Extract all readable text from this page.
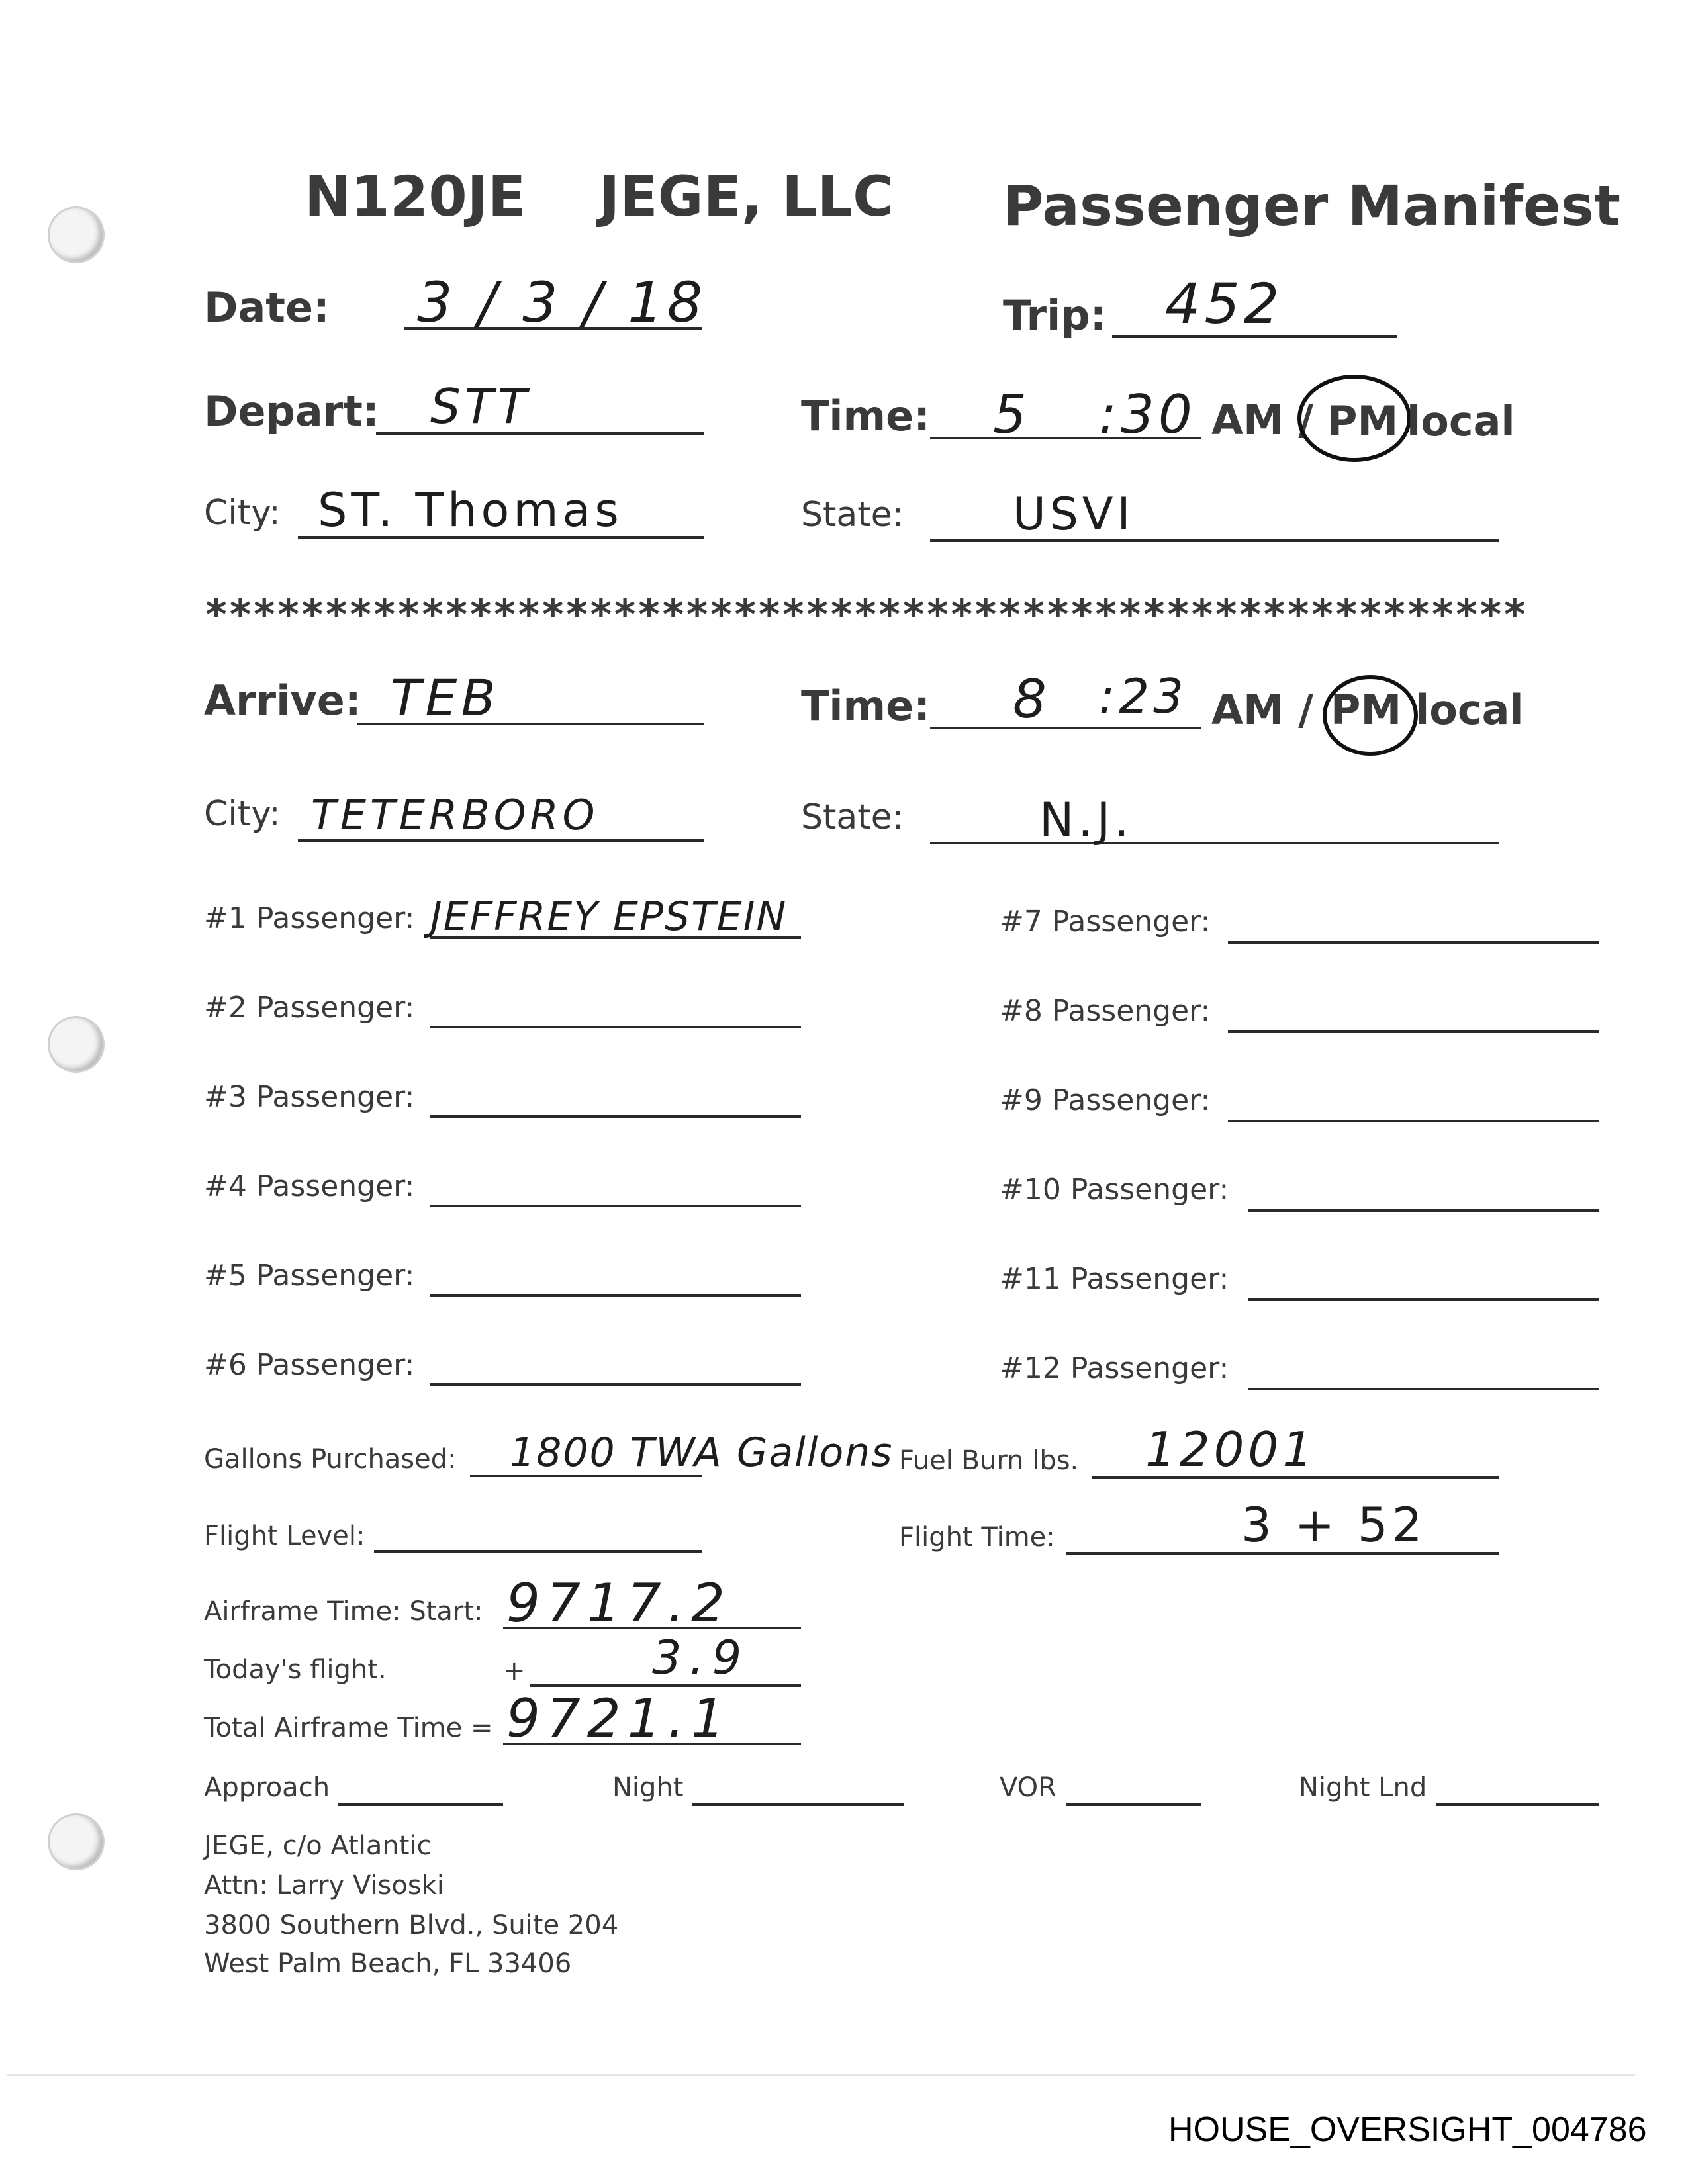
N120JE JEGE, LLC Passenger Manifest
Date: 3 / 3 / 18	Trip: 452
Depart: STT	Time: 5 :30 AM / PM local
City: ST. Thomas	State: USVI
*******************************************************
Arrive: TEB	Time: 8 :23 AM / PM local
City: TETERBORO	State:	N.J.
#1 Passenger: JEFFREY EPSTEIN
#2 Passenger:
#3 Passenger:
#4 Passenger:
#5 Passenger:
#6 Passenger:
#7 Passenger:
#8 Passenger:
#9 Passenger:
#10 Passenger:
#11 Passenger:
#12 Passenger:
Gallons Purchased: 1800 TWA Gallons Fuel Burn lbs. 12001
Flight Level:	Flight Time:	3 + 52
Airframe Time: Start: 9717.2
Today's flight.	+	3.9
Total Airframe Time = 9721.1
Approach	Night	VOR	Night Lnd
JEGE, c/o Atlantic
Attn: Larry Visoski
3800 Southern Blvd., Suite 204
West Palm Beach, FL 33406
HOUSE_OVERSIGHT_004786
